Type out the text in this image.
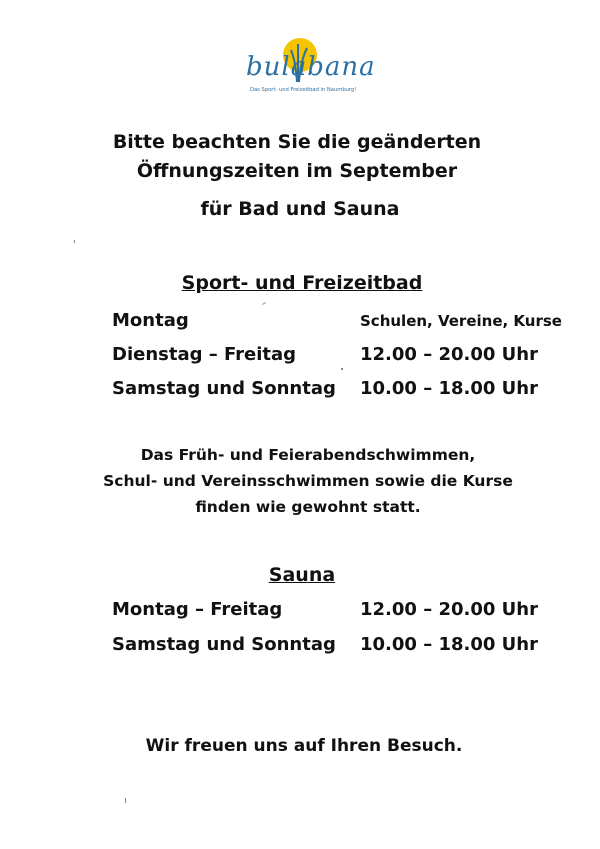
bulabana
Das Sport- und Freizeitbad in Naumburg!
Bitte beachten Sie die geänderten
Öffnungszeiten im September
für Bad und Sauna
Sport- und Freizeitbad
Montag	Schulen, Vereine, Kurse
Dienstag – Freitag	12.00 – 20.00 Uhr
Samstag und Sonntag 10.00 – 18.00 Uhr
Das Früh- und Feierabendschwimmen,
Schul- und Vereinsschwimmen sowie die Kurse
finden wie gewohnt statt.
Sauna
Montag – Freitag	12.00 – 20.00 Uhr
Samstag und Sonntag 10.00 – 18.00 Uhr
Wir freuen uns auf Ihren Besuch.
